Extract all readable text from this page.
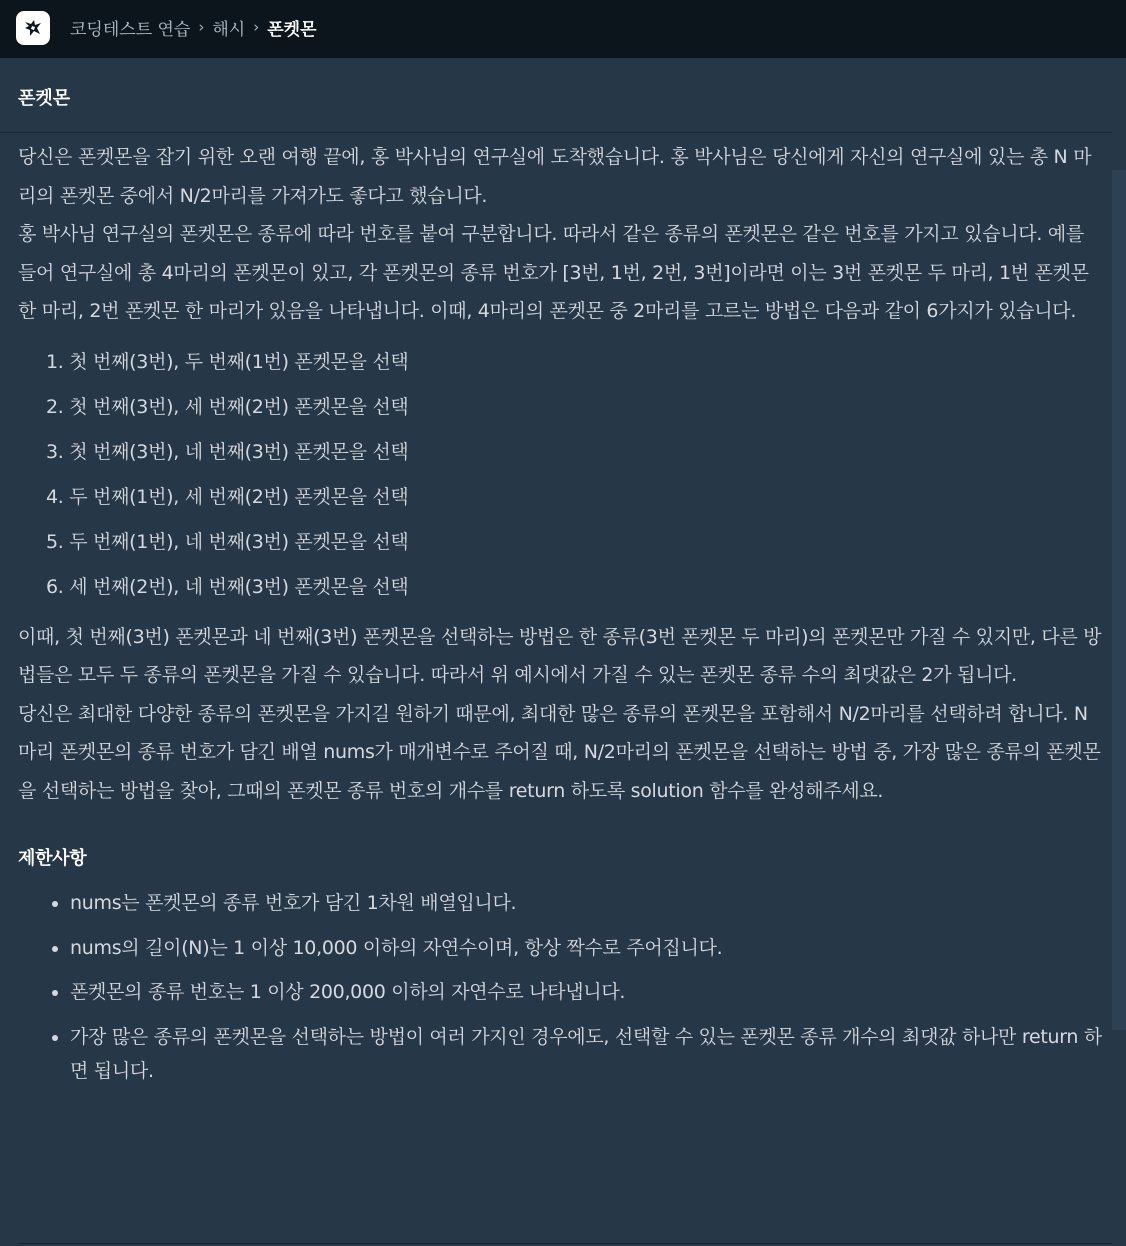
코딩테스트 연습 › 해시 › 폰켓몬
폰켓몬

당신은 폰켓몬을 잡기 위한 오랜 여행 끝에, 홍 박사님의 연구실에 도착했습니다. 홍 박사님은 당신에게 자신의 연구실에 있는 총 N 마리의 폰켓몬 중에서 N/2마리를 가져가도 좋다고 했습니다.

홍 박사님 연구실의 폰켓몬은 종류에 따라 번호를 붙여 구분합니다. 따라서 같은 종류의 폰켓몬은 같은 번호를 가지고 있습니다. 예를 들어 연구실에 총 4마리의 폰켓몬이 있고, 각 폰켓몬의 종류 번호가 [3번, 1번, 2번, 3번]이라면 이는 3번 폰켓몬 두 마리, 1번 폰켓몬 한 마리, 2번 폰켓몬 한 마리가 있음을 나타냅니다. 이때, 4마리의 폰켓몬 중 2마리를 고르는 방법은 다음과 같이 6가지가 있습니다.

1. 첫 번째(3번), 두 번째(1번) 폰켓몬을 선택
2. 첫 번째(3번), 세 번째(2번) 폰켓몬을 선택
3. 첫 번째(3번), 네 번째(3번) 폰켓몬을 선택
4. 두 번째(1번), 세 번째(2번) 폰켓몬을 선택
5. 두 번째(1번), 네 번째(3번) 폰켓몬을 선택
6. 세 번째(2번), 네 번째(3번) 폰켓몬을 선택

이때, 첫 번째(3번) 폰켓몬과 네 번째(3번) 폰켓몬을 선택하는 방법은 한 종류(3번 폰켓몬 두 마리)의 폰켓몬만 가질 수 있지만, 다른 방법들은 모두 두 종류의 폰켓몬을 가질 수 있습니다. 따라서 위 예시에서 가질 수 있는 폰켓몬 종류 수의 최댓값은 2가 됩니다.

당신은 최대한 다양한 종류의 폰켓몬을 가지길 원하기 때문에, 최대한 많은 종류의 폰켓몬을 포함해서 N/2마리를 선택하려 합니다. N마리 폰켓몬의 종류 번호가 담긴 배열 nums가 매개변수로 주어질 때, N/2마리의 폰켓몬을 선택하는 방법 중, 가장 많은 종류의 폰켓몬을 선택하는 방법을 찾아, 그때의 폰켓몬 종류 번호의 개수를 return 하도록 solution 함수를 완성해주세요.

제한사항
nums는 폰켓몬의 종류 번호가 담긴 1차원 배열입니다.
nums의 길이(N)는 1 이상 10,000 이하의 자연수이며, 항상 짝수로 주어집니다.
폰켓몬의 종류 번호는 1 이상 200,000 이하의 자연수로 나타냅니다.
가장 많은 종류의 폰켓몬을 선택하는 방법이 여러 가지인 경우에도, 선택할 수 있는 폰켓몬 종류 개수의 최댓값 하나만 return 하면 됩니다.
